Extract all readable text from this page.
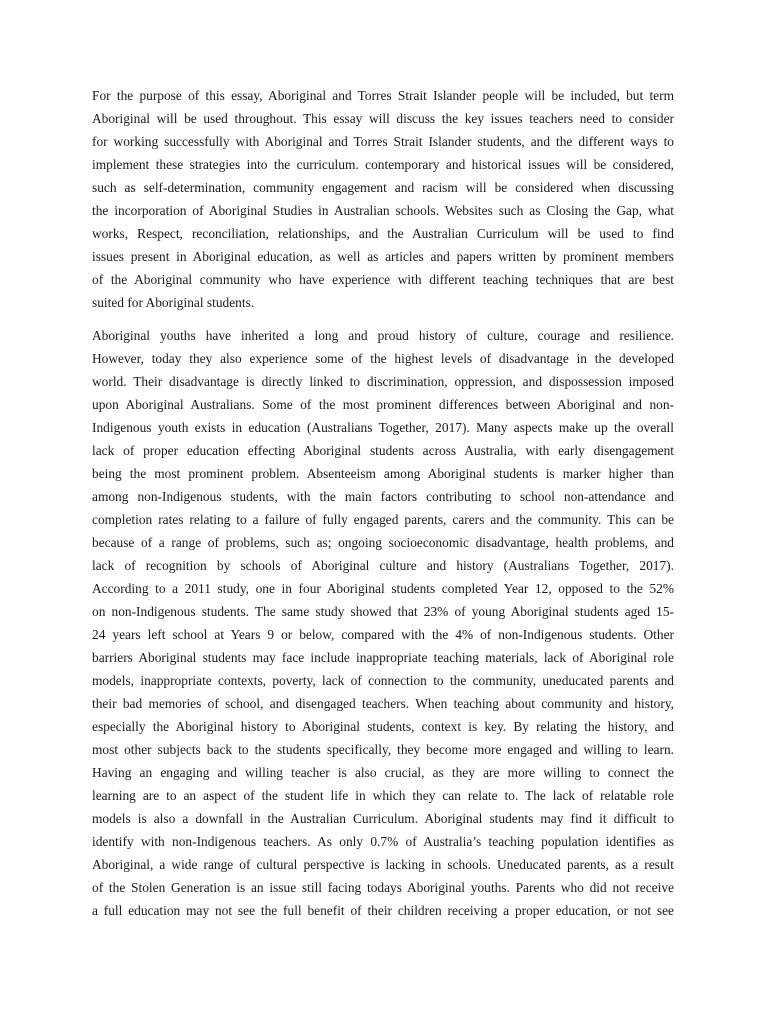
For the purpose of this essay, Aboriginal and Torres Strait Islander people will be included, but term
Aboriginal will be used throughout. This essay will discuss the key issues teachers need to consider
for working successfully with Aboriginal and Torres Strait Islander students, and the different ways to
implement these strategies into the curriculum. contemporary and historical issues will be considered,
such as self-determination, community engagement and racism will be considered when discussing
the incorporation of Aboriginal Studies in Australian schools. Websites such as Closing the Gap, what
works, Respect, reconciliation, relationships, and the Australian Curriculum will be used to find
issues present in Aboriginal education, as well as articles and papers written by prominent members
of the Aboriginal community who have experience with different teaching techniques that are best
suited for Aboriginal students.
Aboriginal youths have inherited a long and proud history of culture, courage and resilience.
However, today they also experience some of the highest levels of disadvantage in the developed
world. Their disadvantage is directly linked to discrimination, oppression, and dispossession imposed
upon Aboriginal Australians. Some of the most prominent differences between Aboriginal and non-
Indigenous youth exists in education (Australians Together, 2017). Many aspects make up the overall
lack of proper education effecting Aboriginal students across Australia, with early disengagement
being the most prominent problem. Absenteeism among Aboriginal students is marker higher than
among non-Indigenous students, with the main factors contributing to school non-attendance and
completion rates relating to a failure of fully engaged parents, carers and the community. This can be
because of a range of problems, such as; ongoing socioeconomic disadvantage, health problems, and
lack of recognition by schools of Aboriginal culture and history (Australians Together, 2017).
According to a 2011 study, one in four Aboriginal students completed Year 12, opposed to the 52%
on non-Indigenous students. The same study showed that 23% of young Aboriginal students aged 15-
24 years left school at Years 9 or below, compared with the 4% of non-Indigenous students. Other
barriers Aboriginal students may face include inappropriate teaching materials, lack of Aboriginal role
models, inappropriate contexts, poverty, lack of connection to the community, uneducated parents and
their bad memories of school, and disengaged teachers. When teaching about community and history,
especially the Aboriginal history to Aboriginal students, context is key. By relating the history, and
most other subjects back to the students specifically, they become more engaged and willing to learn.
Having an engaging and willing teacher is also crucial, as they are more willing to connect the
learning are to an aspect of the student life in which they can relate to. The lack of relatable role
models is also a downfall in the Australian Curriculum. Aboriginal students may find it difficult to
identify with non-Indigenous teachers. As only 0.7% of Australia’s teaching population identifies as
Aboriginal, a wide range of cultural perspective is lacking in schools. Uneducated parents, as a result
of the Stolen Generation is an issue still facing todays Aboriginal youths. Parents who did not receive
a full education may not see the full benefit of their children receiving a proper education, or not see
